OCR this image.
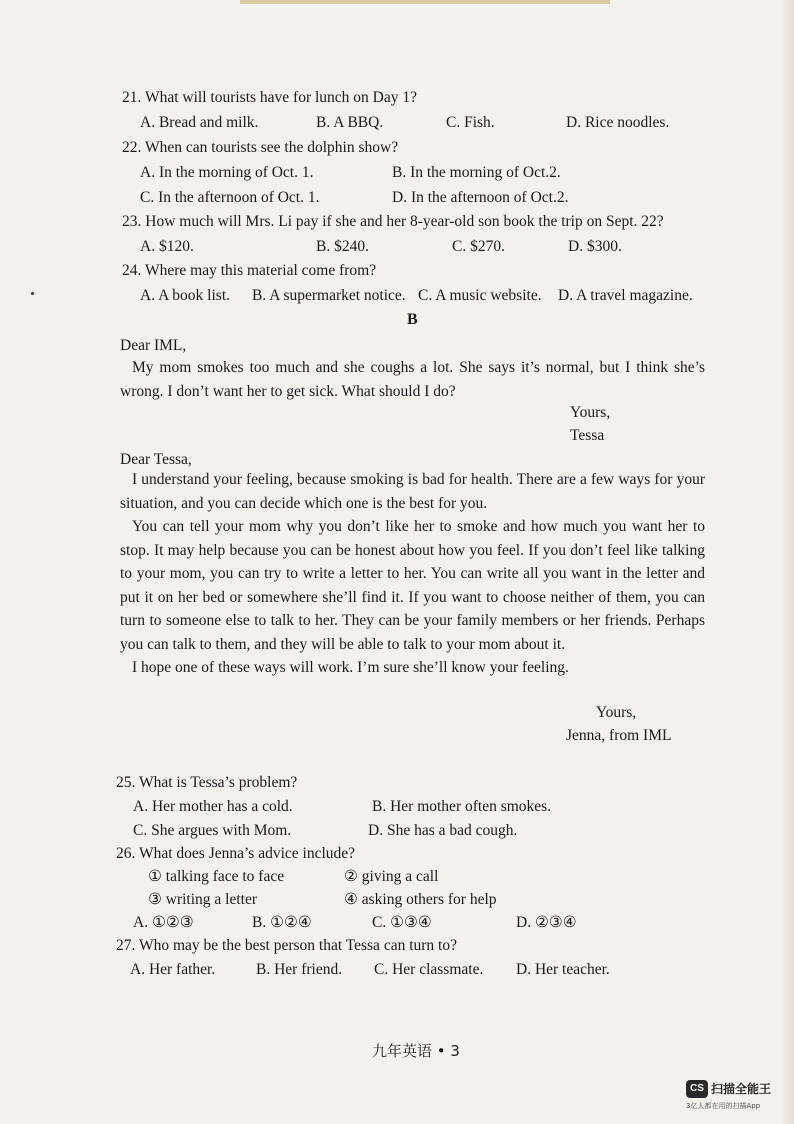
21. What will tourists have for lunch on Day 1?
A. Bread and milk.	B. A BBQ.	C. Fish.	D. Rice noodles.
22. When can tourists see the dolphin show?
A. In the morning of Oct. 1.	B. In the morning of Oct.2.
C. In the afternoon of Oct. 1.	D. In the afternoon of Oct.2.
23. How much will Mrs. Li pay if she and her 8-year-old son book the trip on Sept. 22?
A. $120.	B. $240.	C. $270.	D. $300.
24. Where may this material come from?
A. A book list. B. A supermarket notice. C. A music website. D. A travel magazine.
B
Dear IML,
My mom smokes too much and she coughs a lot. She says it’s normal, but I think she’s wrong. I don’t want her to get sick. What should I do?
Yours,
Tessa
Dear Tessa,
I understand your feeling, because smoking is bad for health. There are a few ways for your situation, and you can decide which one is the best for you.
You can tell your mom why you don’t like her to smoke and how much you want her to stop. It may help because you can be honest about how you feel. If you don’t feel like talking to your mom, you can try to write a letter to her. You can write all you want in the letter and put it on her bed or somewhere she’ll find it. If you want to choose neither of them, you can turn to someone else to talk to her. They can be your family members or her friends. Perhaps you can talk to them, and they will be able to talk to your mom about it.
I hope one of these ways will work. I’m sure she’ll know your feeling.
Yours,
Jenna, from IML
25. What is Tessa’s problem?
A. Her mother has a cold.	B. Her mother often smokes.
C. She argues with Mom.	D. She has a bad cough.
26. What does Jenna’s advice include?
① talking face to face	② giving a call
③ writing a letter	④ asking others for help
A. ①②③	B. ①②④	C. ①③④	D. ②③④
27. Who may be the best person that Tessa can turn to?
A. Her father.	B. Her friend. C. Her classmate. D. Her teacher.
九年英语 • 3
CS 扫描全能王
3亿人都在用的扫描App
